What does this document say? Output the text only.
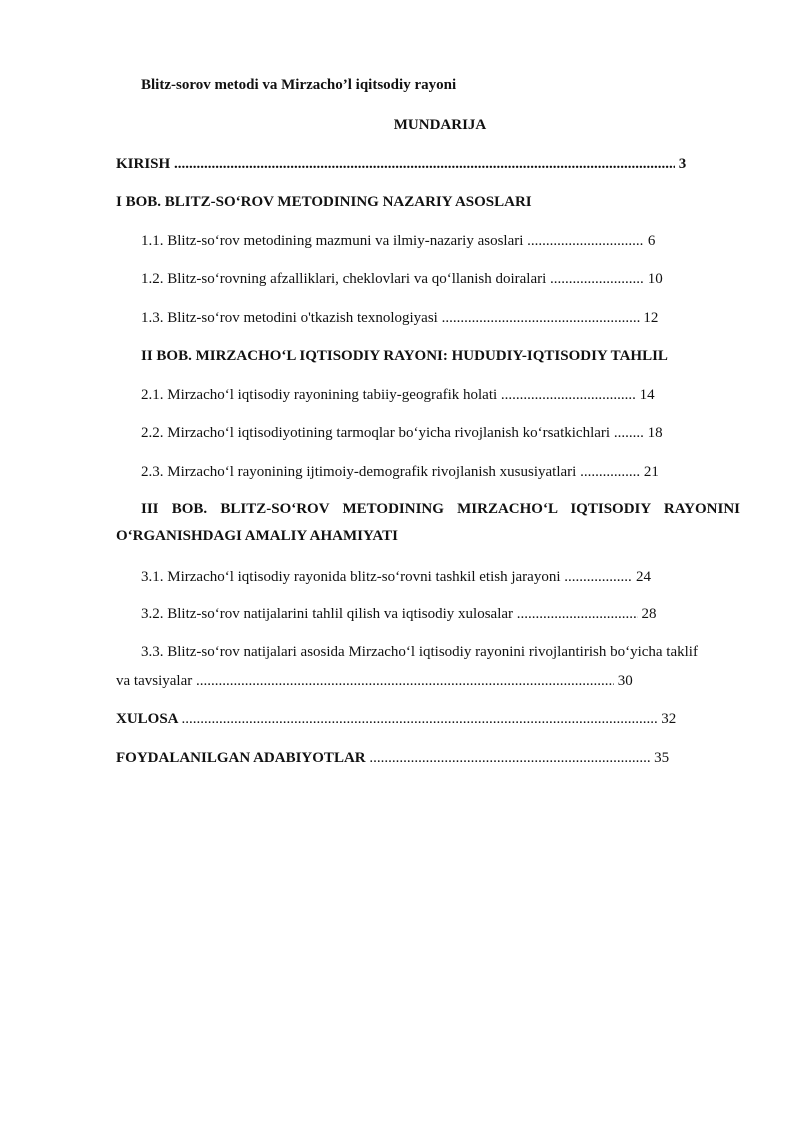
Blitz-sorov metodi va Mirzacho’l iqitsodiy rayoni
MUNDARIJA
KIRISH .....	3
I BOB. BLITZ-SO‘ROV METODINING NAZARIY ASOSLARI
1.1. Blitz-so‘rov metodining mazmuni va ilmiy-nazariy asoslari .....	6
1.2. Blitz-so‘rovning afzalliklari, cheklovlari va qo‘llanish doiralari .....	10
1.3. Blitz-so‘rov metodini o'tkazish texnologiyasi .....	12
II BOB. MIRZACHO‘L IQTISODIY RAYONI: HUDUDIY-IQTISODIY TAHLIL
2.1. Mirzacho‘l iqtisodiy rayonining tabiiy-geografik holati .....	14
2.2. Mirzacho‘l iqtisodiyotining tarmoqlar bo‘yicha rivojlanish ko‘rsatkichlari .....	18
2.3. Mirzacho‘l rayonining ijtimoiy-demografik rivojlanish xususiyatlari .....	21
III BOB. BLITZ-SO‘ROV METODINING MIRZACHO‘L IQTISODIY RAYONINI O‘RGANISHDAGI AMALIY AHAMIYATI
3.1. Mirzacho‘l iqtisodiy rayonida blitz-so‘rovni tashkil etish jarayoni .....	24
3.2. Blitz-so‘rov natijalarini tahlil qilish va iqtisodiy xulosalar .....	28
3.3. Blitz-so‘rov natijalari asosida Mirzacho‘l iqtisodiy rayonini rivojlantirish bo‘yicha taklif
va tavsiyalar .....	30
XULOSA .....	32
FOYDALANILGAN ADABIYOTLAR .....	35
